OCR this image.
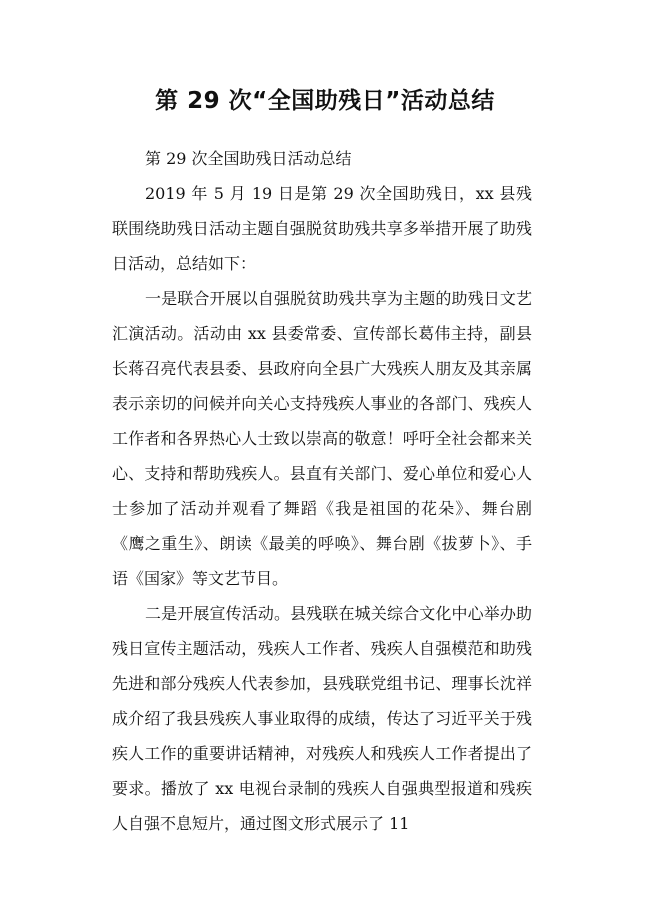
第 29 次“全国助残日”活动总结

第 29 次全国助残日活动总结

2019 年 5 月 19 日是第 29 次全国助残日，xx 县残联围绕助残日活动主题自强脱贫助残共享多举措开展了助残日活动，总结如下：

一是联合开展以自强脱贫助残共享为主题的助残日文艺汇演活动。活动由 xx 县委常委、宣传部长葛伟主持，副县长蒋召亮代表县委、县政府向全县广大残疾人朋友及其亲属表示亲切的问候并向关心支持残疾人事业的各部门、残疾人工作者和各界热心人士致以崇高的敬意！呼吁全社会都来关心、支持和帮助残疾人。县直有关部门、爱心单位和爱心人士参加了活动并观看了舞蹈《我是祖国的花朵》、舞台剧《鹰之重生》、朗读《最美的呼唤》、舞台剧《拔萝卜》、手语《国家》等文艺节目。

二是开展宣传活动。县残联在城关综合文化中心举办助残日宣传主题活动，残疾人工作者、残疾人自强模范和助残先进和部分残疾人代表参加，县残联党组书记、理事长沈祥成介绍了我县残疾人事业取得的成绩，传达了习近平关于残疾人工作的重要讲话精神，对残疾人和残疾人工作者提出了要求。播放了 xx 电视台录制的残疾人自强典型报道和残疾人自强不息短片，通过图文形式展示了 11
